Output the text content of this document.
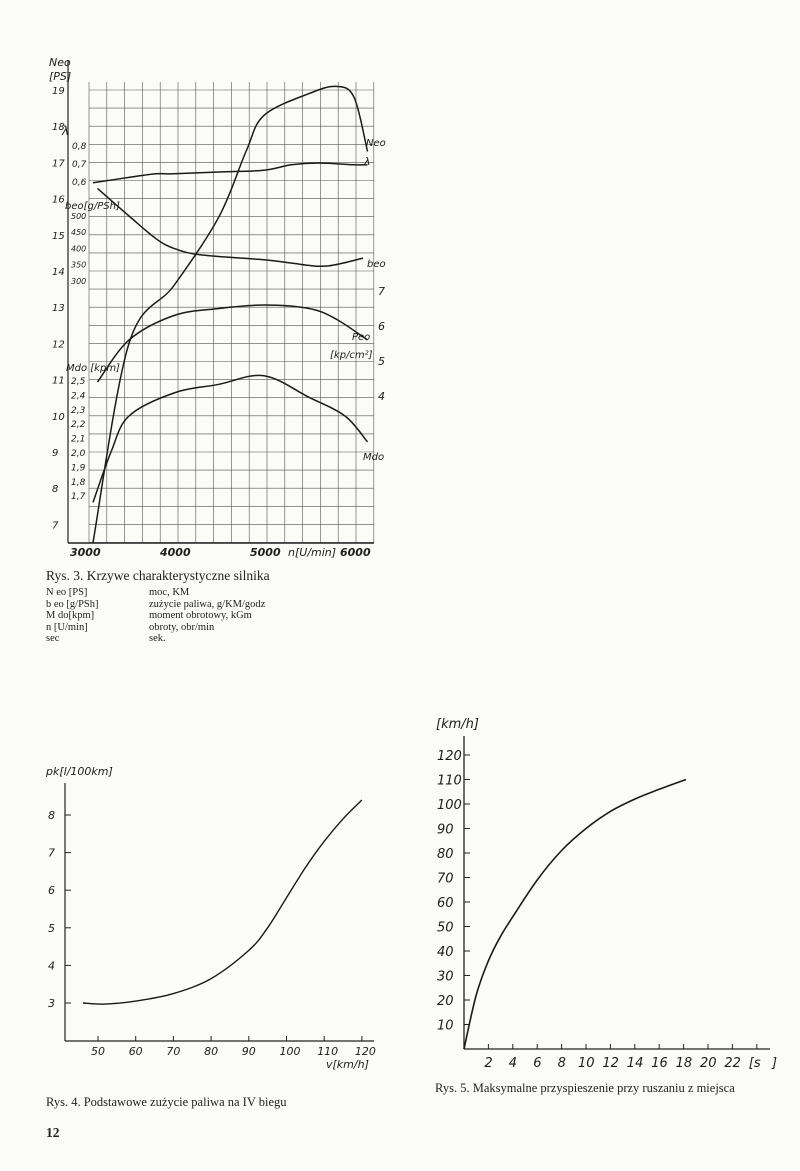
Neo
[PS]
λ
beo[g/PSh]
Mdo [kpm]
[kp/cm²]
n[U/min]
Neo
λ
beo
Peo
Mdo
3000	4000	5000	6000
19
18
17
16
15
14
13
12
11
10
9
8
7
0,8
0,7
0,6
500
450
400
350
300
2,5
2,4
2,3
2,2
2,1
2,0
1,9
1,8
1,7
7
6
5
4
Rys. 3. Krzywe charakterystyczne silnika
N eo [PS]	moc, KM
b eo [g/PSh]	zużycie paliwa, g/KM/godz
M do[kpm]	moment obrotowy, kGm
n [U/min]	obroty, obr/min
sec	sek.
3
4
5
6
7
8
50 60 70 80 90 100 110 120
pk[l/100km]
v[km/h]
10
20
30
40
50
60
70
80
90
100
110
120
2 4 6 8 10 12 14 16 18 20 22 [s ]
[km/h]
Rys. 4. Podstawowe zużycie paliwa na IV biegu
Rys. 5. Maksymalne przyspieszenie przy ruszaniu z miejsca
12
